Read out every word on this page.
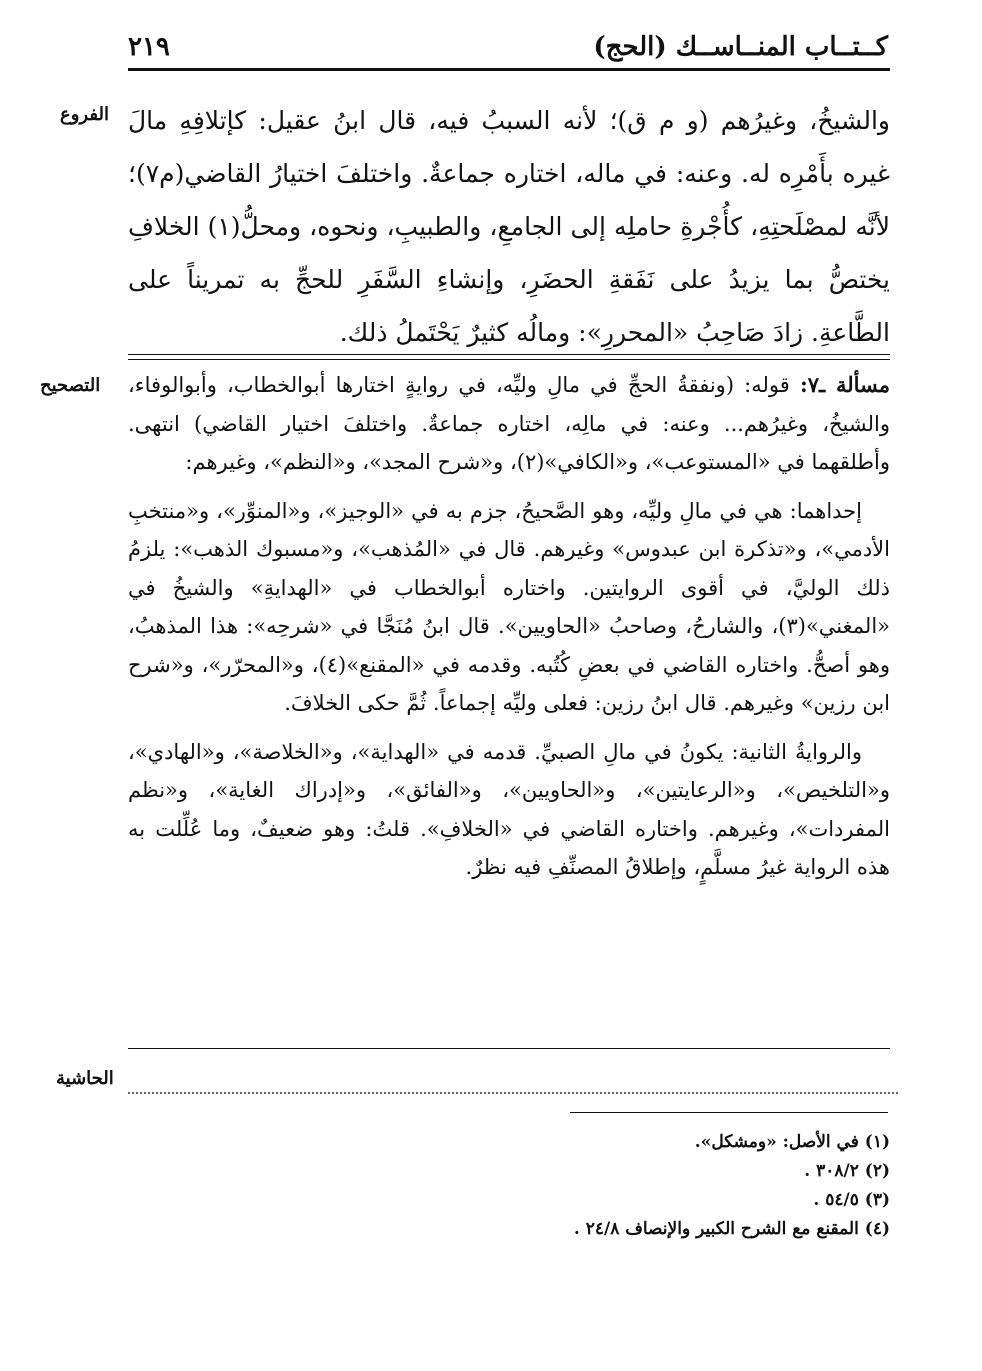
كــتــاب المنــاســك (الحج)
٢١٩
الفروع والشيخُ، وغيرُهم (و م ق)؛ لأنه السببُ فيه، قال ابنُ عقيل: كإتلافِهِ مالَ غيره بأَمْرِه له. وعنه: في ماله، اختاره جماعةٌ. واختلفَ اختيارُ القاضي(م٧)؛ لأنَّه لمصْلَحتِهِ، كأُجْرةِ حاملِه إلى الجامعِ، والطبيبِ، ونحوه، ومحلُّ(١) الخلافِ يختصُّ بما يزيدُ على نَفَقةِ الحضَرِ، وإنشاءِ السَّفَرِ للحجِّ به تمريناً على الطَّاعةِ. زادَ صَاحِبُ «المحررِ»: ومالُه كثيرٌ يَحْتَملُ ذلك.

التصحيح	مسألة ـ٧: قوله: (ونفقةُ الحجِّ في مالِ وليِّه، في روايةٍ اختارها أبوالخطاب، وأبوالوفاء، والشيخُ، وغيرُهم... وعنه: في مالِه، اختاره جماعةٌ. واختلفَ اختيار القاضي) انتهى. وأطلقهما في «المستوعب»، و«الكافي»(٢)، و«شرح المجد»، و«النظم»، وغيرهم:

إحداهما: هي في مالِ وليِّه، وهو الصَّحيحُ، جزم به في «الوجيز»، و«المنوِّر»، و«منتخبِ الأدمي»، و«تذكرة ابن عبدوس» وغيرهم. قال في «المُذهب»، و«مسبوك الذهب»: يلزمُ ذلك الوليَّ، في أقوى الروايتين. واختاره أبوالخطاب في «الهدايةِ» والشيخُ في «المغني»(٣)، والشارحُ، وصاحبُ «الحاويين». قال ابنُ مُنَجَّا في «شرحِه»: هذا المذهبُ، وهو أصحُّ. واختاره القاضي في بعضِ كُتُبه. وقدمه في «المقنع»(٤)، و«المحرّر»، و«شرح ابن رزين» وغيرهم. قال ابنُ رزين: فعلى وليِّه إجماعاً. ثُمَّ حكى الخلافَ.

والروايةُ الثانية: يكونُ في مالِ الصبيِّ. قدمه في «الهداية»، و«الخلاصة»، و«الهادي»، و«التلخيص»، و«الرعايتين»، و«الحاويين»، و«الفائق»، و«إدراك الغاية»، و«نظم المفردات»، وغيرهم. واختاره القاضي في «الخلافِ». قلتُ: وهو ضعيفٌ، وما عُلِّلت به هذه الرواية غيرُ مسلَّمٍ، وإطلاقُ المصنِّفِ فيه نظرٌ.

الحاشية

(١) في الأصل: «ومشكل».

(٢) ٣٠٨/٢ .

(٣) ٥٤/٥ .

(٤) المقنع مع الشرح الكبير والإنصاف ٢٤/٨ .
